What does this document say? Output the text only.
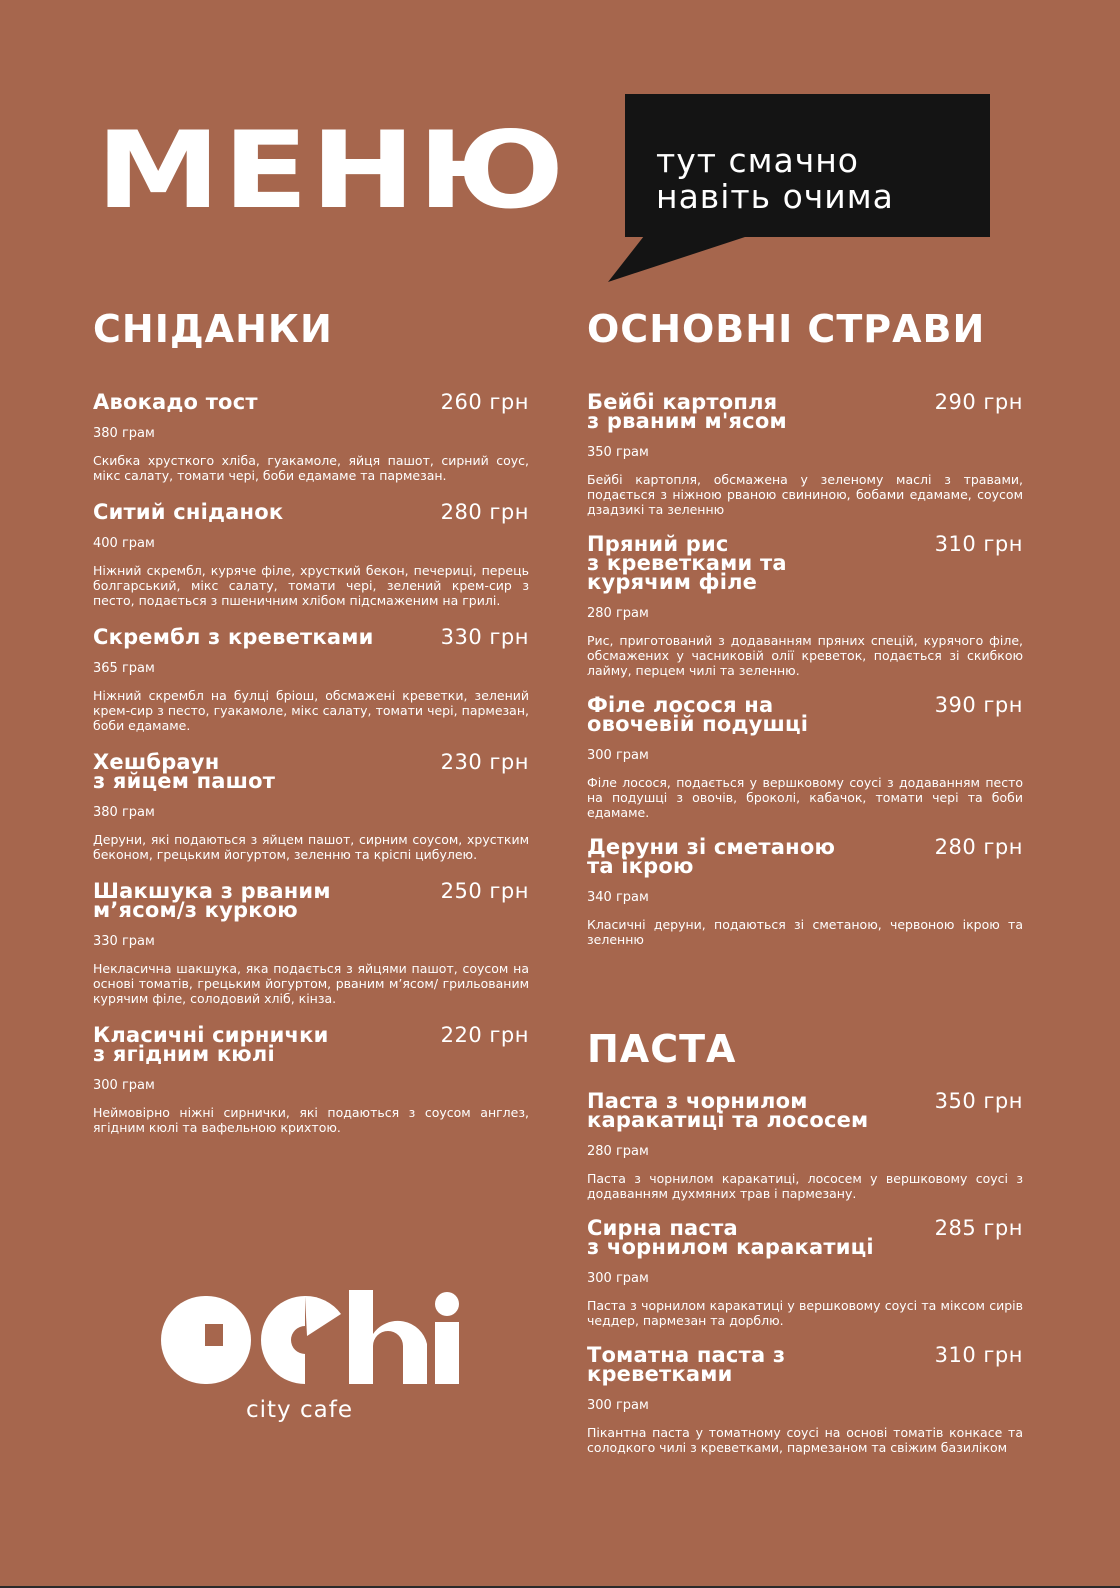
МЕНЮ	тут смачно
навіть очима
СНІДАНКИ
Авокадо тост	260 грн
380 грам
Скибка хрусткого хліба, гуакамоле, яйця пашот, сирний соус, мікс салату, томати чері, боби едамаме та пармезан.
Ситий сніданок	280 грн
400 грам
Ніжний скрембл, куряче філе, хрусткий бекон, печериці, перець болгарський, мікс салату, томати чері, зелений крем-сир з песто, подається з пшеничним хлібом підсмаженим на грилі.
Скрембл з креветками	330 грн
365 грам
Ніжний скрембл на булці бріош, обсмажені креветки, зелений крем-сир з песто, гуакамоле, мікс салату, томати чері, пармезан, боби едамаме.
Хешбраун
з яйцем пашот
230 грн
380 грам
Деруни, які подаються з яйцем пашот, сирним соусом, хрустким беконом, грецьким йогуртом, зеленню та кріспі цибулею.
Шакшука з рваним
м’ясом/з куркою
250 грн
330 грам
Некласична шакшука, яка подається з яйцями пашот, соусом на основі томатів, грецьким йогуртом, рваним м’ясом/ грильованим курячим філе, солодовий хліб, кінза.
Класичні сирнички
з ягідним кюлі
220 грн
300 грам
Неймовірно ніжні сирнички, які подаються з соусом англез, ягідним кюлі та вафельною крихтою.
ОСНОВНІ СТРАВИ
Бейбі картопля
з рваним м'ясом
290 грн
350 грам
Бейбі картопля, обсмажена у зеленому маслі з травами, подається з ніжною рваною свининою, бобами едамаме, соусом дзадзикі та зеленню
Пряний рис
з креветками та
курячим філе
310 грн
280 грам
Рис, приготований з додаванням пряних спецій, курячого філе, обсмажених у часниковій олії креветок, подається зі скибкою лайму, перцем чилі та зеленню.
Філе лосося на
овочевій подушці
390 грн
300 грам
Філе лосося, подається у вершковому соусі з додаванням песто на подушці з овочів, броколі, кабачок, томати чері та боби едамаме.
Деруни зі сметаною
та ікрою
280 грн
340 грам
Класичні деруни, подаються зі сметаною, червоною ікрою та зеленню
ПАСТА
Паста з чорнилом
каракатиці та лососем
350 грн
280 грам
Паста з чорнилом каракатиці, лососем у вершковому соусі з додаванням духмяних трав і пармезану.
Сирна паста
з чорнилом каракатиці
285 грн
300 грам
Паста з чорнилом каракатиці у вершковому соусі та міксом сирів чеддер, пармезан та дорблю.
Томатна паста з
креветками
310 грн
300 грам
Пікантна паста у томатному соусі на основі томатів конкасе та солодкого чилі з креветками, пармезаном та свіжим базиліком
city cafe
